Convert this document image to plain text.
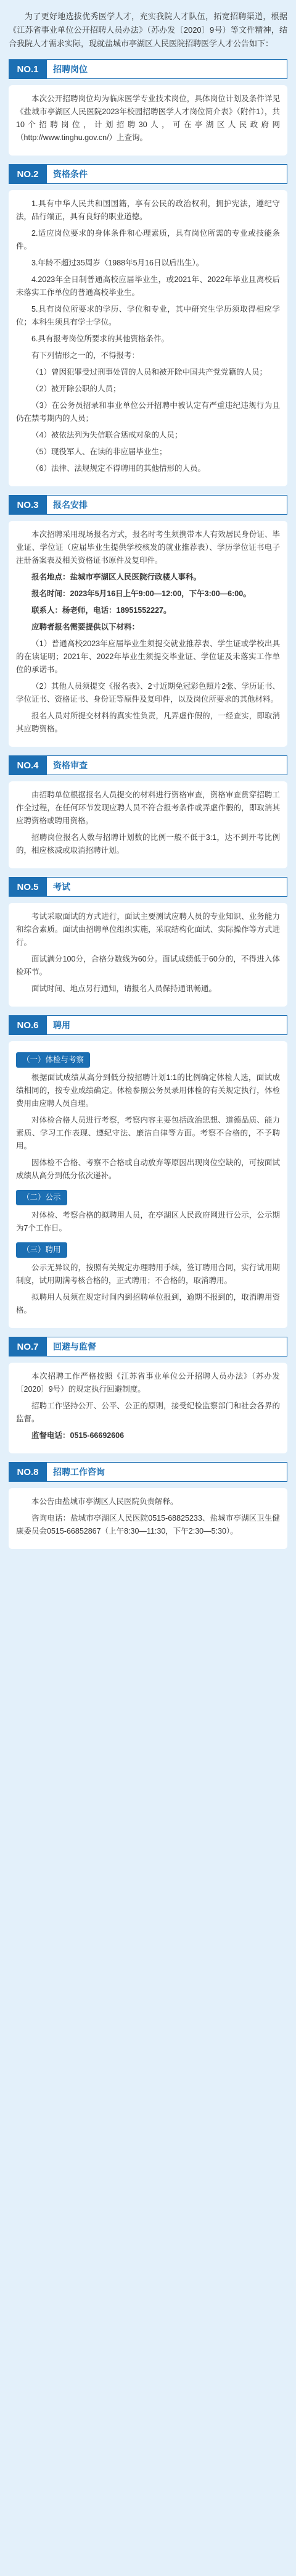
为了更好地选拔优秀医学人才，充实我院人才队伍，拓宽招聘渠道，根据《江苏省事业单位公开招聘人员办法》（苏办发〔2020〕9号）等文件精神，结合我院人才需求实际，现就盐城市亭湖区人民医院招聘医学人才公告如下：

NO.1	招聘岗位

本次公开招聘岗位均为临床医学专业技术岗位，具体岗位计划及条件详见《盐城市亭湖区人民医院2023年校园招聘医学人才岗位简介表》（附件1），共10个招聘岗位，计划招聘30人，可在亭湖区人民政府网（http://www.tinghu.gov.cn/）上查询。

NO.2	资格条件

1.具有中华人民共和国国籍，享有公民的政治权利，拥护宪法，遵纪守法，品行端正，具有良好的职业道德。

2.适应岗位要求的身体条件和心理素质，具有岗位所需的专业或技能条件。

3.年龄不超过35周岁（1988年5月16日以后出生）。

4.2023年全日制普通高校应届毕业生，或2021年、2022年毕业且离校后未落实工作单位的普通高校毕业生。

5.具有岗位所要求的学历、学位和专业，其中研究生学历须取得相应学位；本科生须具有学士学位。

6.具有报考岗位所要求的其他资格条件。

有下列情形之一的，不得报考：

（1）曾因犯罪受过刑事处罚的人员和被开除中国共产党党籍的人员；

（2）被开除公职的人员；

（3）在公务员招录和事业单位公开招聘中被认定有严重违纪违规行为且仍在禁考期内的人员；

（4）被依法列为失信联合惩戒对象的人员；

（5）现役军人、在读的非应届毕业生；

（6）法律、法规规定不得聘用的其他情形的人员。

NO.3	报名安排

本次招聘采用现场报名方式，报名时考生须携带本人有效居民身份证、毕业证、学位证（应届毕业生提供学校核发的就业推荐表）、学历学位证书电子注册备案表及相关资格证书原件及复印件。

报名地点：盐城市亭湖区人民医院行政楼人事科。

报名时间：2023年5月16日上午9:00—12:00，下午3:00—6:00。

联系人：杨老师，电话：18951552227。

应聘者报名需要提供以下材料：

（1）普通高校2023年应届毕业生须提交就业推荐表、学生证或学校出具的在读证明；2021年、2022年毕业生须提交毕业证、学位证及未落实工作单位的承诺书。

（2）其他人员须提交《报名表》、2寸近期免冠彩色照片2张、学历证书、学位证书、资格证书、身份证等原件及复印件，以及岗位所要求的其他材料。

报名人员对所提交材料的真实性负责，凡弄虚作假的，一经查实，即取消其应聘资格。

NO.4	资格审查

由招聘单位根据报名人员提交的材料进行资格审查，资格审查贯穿招聘工作全过程，在任何环节发现应聘人员不符合报考条件或弄虚作假的，即取消其应聘资格或聘用资格。

招聘岗位报名人数与招聘计划数的比例一般不低于3:1，达不到开考比例的，相应核减或取消招聘计划。

NO.5	考试

考试采取面试的方式进行，面试主要测试应聘人员的专业知识、业务能力和综合素质。面试由招聘单位组织实施，采取结构化面试、实际操作等方式进行。

面试满分100分，合格分数线为60分。面试成绩低于60分的，不得进入体检环节。

面试时间、地点另行通知，请报名人员保持通讯畅通。

NO.6	聘用
（一）体检与考察

根据面试成绩从高分到低分按招聘计划1:1的比例确定体检人选，面试成绩相同的，按专业成绩确定。体检参照公务员录用体检的有关规定执行，体检费用由应聘人员自理。

对体检合格人员进行考察，考察内容主要包括政治思想、道德品质、能力素质、学习工作表现、遵纪守法、廉洁自律等方面。考察不合格的，不予聘用。

因体检不合格、考察不合格或自动放弃等原因出现岗位空缺的，可按面试成绩从高分到低分依次递补。

（二）公示

对体检、考察合格的拟聘用人员，在亭湖区人民政府网进行公示，公示期为7个工作日。

（三）聘用

公示无异议的，按照有关规定办理聘用手续，签订聘用合同，实行试用期制度，试用期满考核合格的，正式聘用；不合格的，取消聘用。

拟聘用人员须在规定时间内到招聘单位报到，逾期不报到的，取消聘用资格。

NO.7	回避与监督

本次招聘工作严格按照《江苏省事业单位公开招聘人员办法》（苏办发〔2020〕9号）的规定执行回避制度。

招聘工作坚持公开、公平、公正的原则，接受纪检监察部门和社会各界的监督。

监督电话：0515-66692606

NO.8	招聘工作咨询

本公告由盐城市亭湖区人民医院负责解释。

咨询电话：盐城市亭湖区人民医院0515-68825233、盐城市亭湖区卫生健康委员会0515-66852867（上午8:30—11:30，下午2:30—5:30）。
